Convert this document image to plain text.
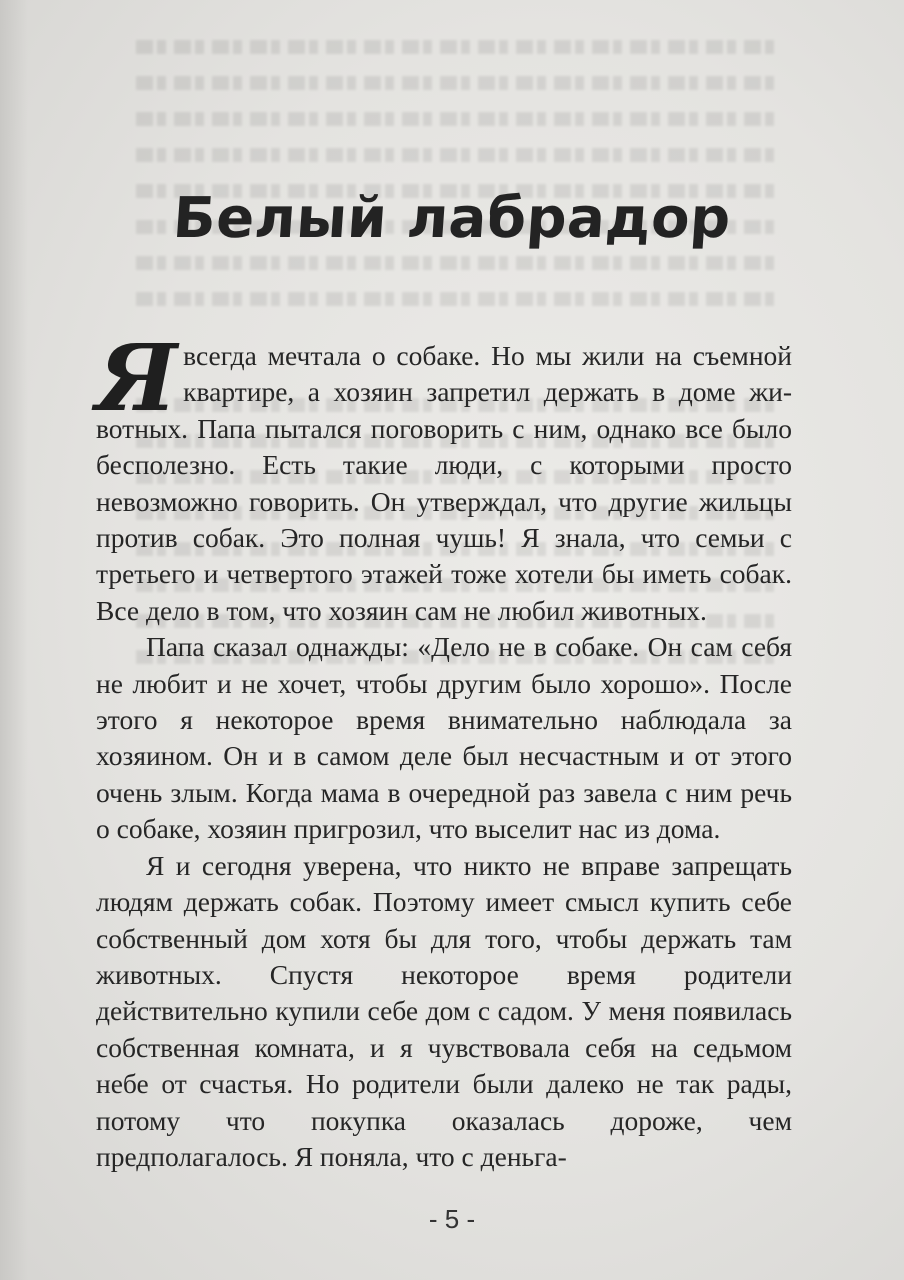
Белый лабрадор

Явсегда мечтала о собаке. Но мы жили на съемной квартире, а хозяин запретил держать в доме животных. Папа пытался поговорить с ним, однако все было бесполезно. Есть такие люди, с которыми просто невозможно говорить. Он утверждал, что другие жильцы против собак. Это полная чушь! Я знала, что семьи с третьего и четвертого этажей тоже хотели бы иметь собак. Все дело в том, что хозяин сам не любил животных.

Папа сказал однажды: «Дело не в собаке. Он сам себя не любит и не хочет, чтобы другим было хорошо». После этого я некоторое время внимательно наблюдала за хозяином. Он и в самом деле был несчастным и от этого очень злым. Когда мама в очередной раз завела с ним речь о собаке, хозяин пригрозил, что выселит нас из дома.

Я и сегодня уверена, что никто не вправе запрещать людям держать собак. Поэтому имеет смысл купить себе собственный дом хотя бы для того, чтобы держать там животных. Спустя некоторое время родители действительно купили себе дом с садом. У меня появилась собственная комната, и я чувствовала себя на седьмом небе от счастья. Но родители были далеко не так рады, потому что покупка оказалась дороже, чем предполагалось. Я поняла, что с деньга-

- 5 -
